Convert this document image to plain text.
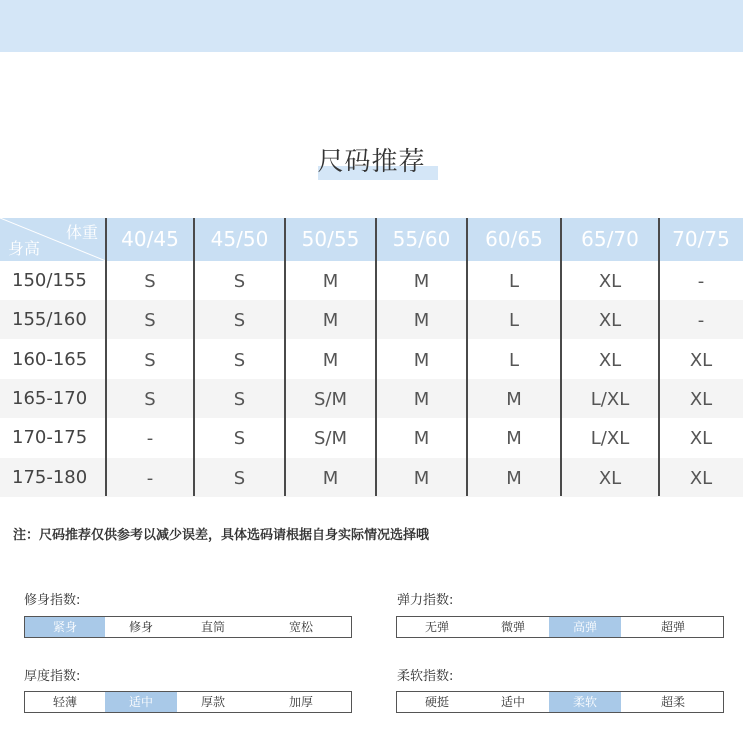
尺码推荐
体重
身高	40/45	45/50	50/55	55/60	60/65	65/70	70/75
150/155	S	S	M	M	L	XL	-
155/160	S	S	M	M	L	XL	-
160-165	S	S	M	M	L	XL	XL
165-170	S	S	S/M	M	M	L/XL	XL
170-175	-	S	S/M	M	M	L/XL	XL
175-180	-	S	M	M	M	XL	XL
注：尺码推荐仅供参考以减少误差，具体选码请根据自身实际情况选择哦
修身指数:
紧身	修身	直筒	宽松
弹力指数:
无弹	微弹	高弹	超弹
厚度指数:
轻薄	适中	厚款	加厚
柔软指数:
硬挺	适中	柔软	超柔
